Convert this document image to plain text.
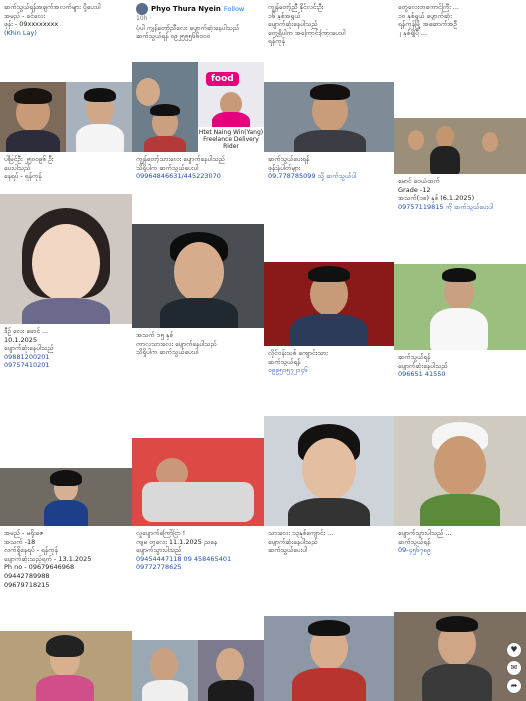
ဆက်သွယ်ရန်အချက်အလက်များ ပို့ပေးပါ
အမည် - ခင်လေး
ဖုန်း - 09xxxxxxxx
(Khin Lay)
Phyo Thura Nyein Follow
10h ·
ပုံပါ ကျွန်တော့်ညီလေး ပျောက်ဆုံးနေပါသည်
ဆက်သွယ်ရန် ၀၉၂၅၅၅၆၆၀၀၀
food
Htet Naing Win(Yang) Freelance Delivery Rider
ကျွန်တော့်ညီ နိုင်လင်းဦး
၁၆ နှစ်အရွယ်
ပျောက်ဆုံးနေပါသည်
တွေ့ရှိပါက အကြောင်းကြားပေးပါ
ရန်ကုန်
တွေလေးတကောင်ကြီး ...
၁၀ နှစ်ရွယ် ပျောက်ဆုံး
ရန်ကုန်မြို့ အဆောက်အဦ
၂ နှစ်ရှိပြီ ...
ပါမြင်ဦး ၂၅၀၀၉၆ ဦး
ပေးပါသည်
နေရပ် - ရန်ကုန်
ကျွန်တော့်သားလေး ပျောက်နေပါသည်
သိရှိပါက ဆက်သွယ်ပေးပါ
09964846631/445223070
ဆက်သွယ်ပေးရန်
ဖုန်းနံပါတ်များ
09.778785099 သို့ ဆက်သွယ်ပါ
မောင် ဝေယံထက်
Grade -12
အသက်(၁၈) နှစ် (6.1.2025)
09757119815 ကို ဆက်သွယ်ပေးပါ
ဒီဉ် လေး မောင် ...
10.1.2025
ပျောက်ဆုံးနေပါသည်
09881200201
09757410201
အသက် ၁၅ နှစ်
ကာလသားလေး ပျောက်နေပါသည်
သိရှိပါက ဆက်သွယ်ပေးပါ	လိုင်ဝန်းသစ် ကျောင်းသား
ဆက်သွယ်ရန်
၀၉၉၅၁၅၇၂၁၄၆
ဆက်သွယ်ရန်
ပျောက်ဆုံးနေပါသည်
096651 41550
အမည် - မရိုးဇေ
အသက် -18
လက်ရှိနေရပ် - ရန်ကုန်
ပျောက်ဆုံးသည့်ရက် - 13.1.2025
Ph no - 09679646968
09442789988
09679718215
လူပျောက်ကြော်ငြာ !
ကျမ တူလေး 11.1.2025 ညနေ
ပျောက်သွားပါသည်
09454447118 09 458465401
09772778625
သားလေး ၁၃နှစ်ကျောင်း ...
ပျောက်ဆုံးနေပါသည်
ဆက်သွယ်ပေးပါ
ပျောက်သွားပါသည် ...
ဆက်သွယ်ရန်
09-၄၅၆၇၈၉
♥
✉
➦
